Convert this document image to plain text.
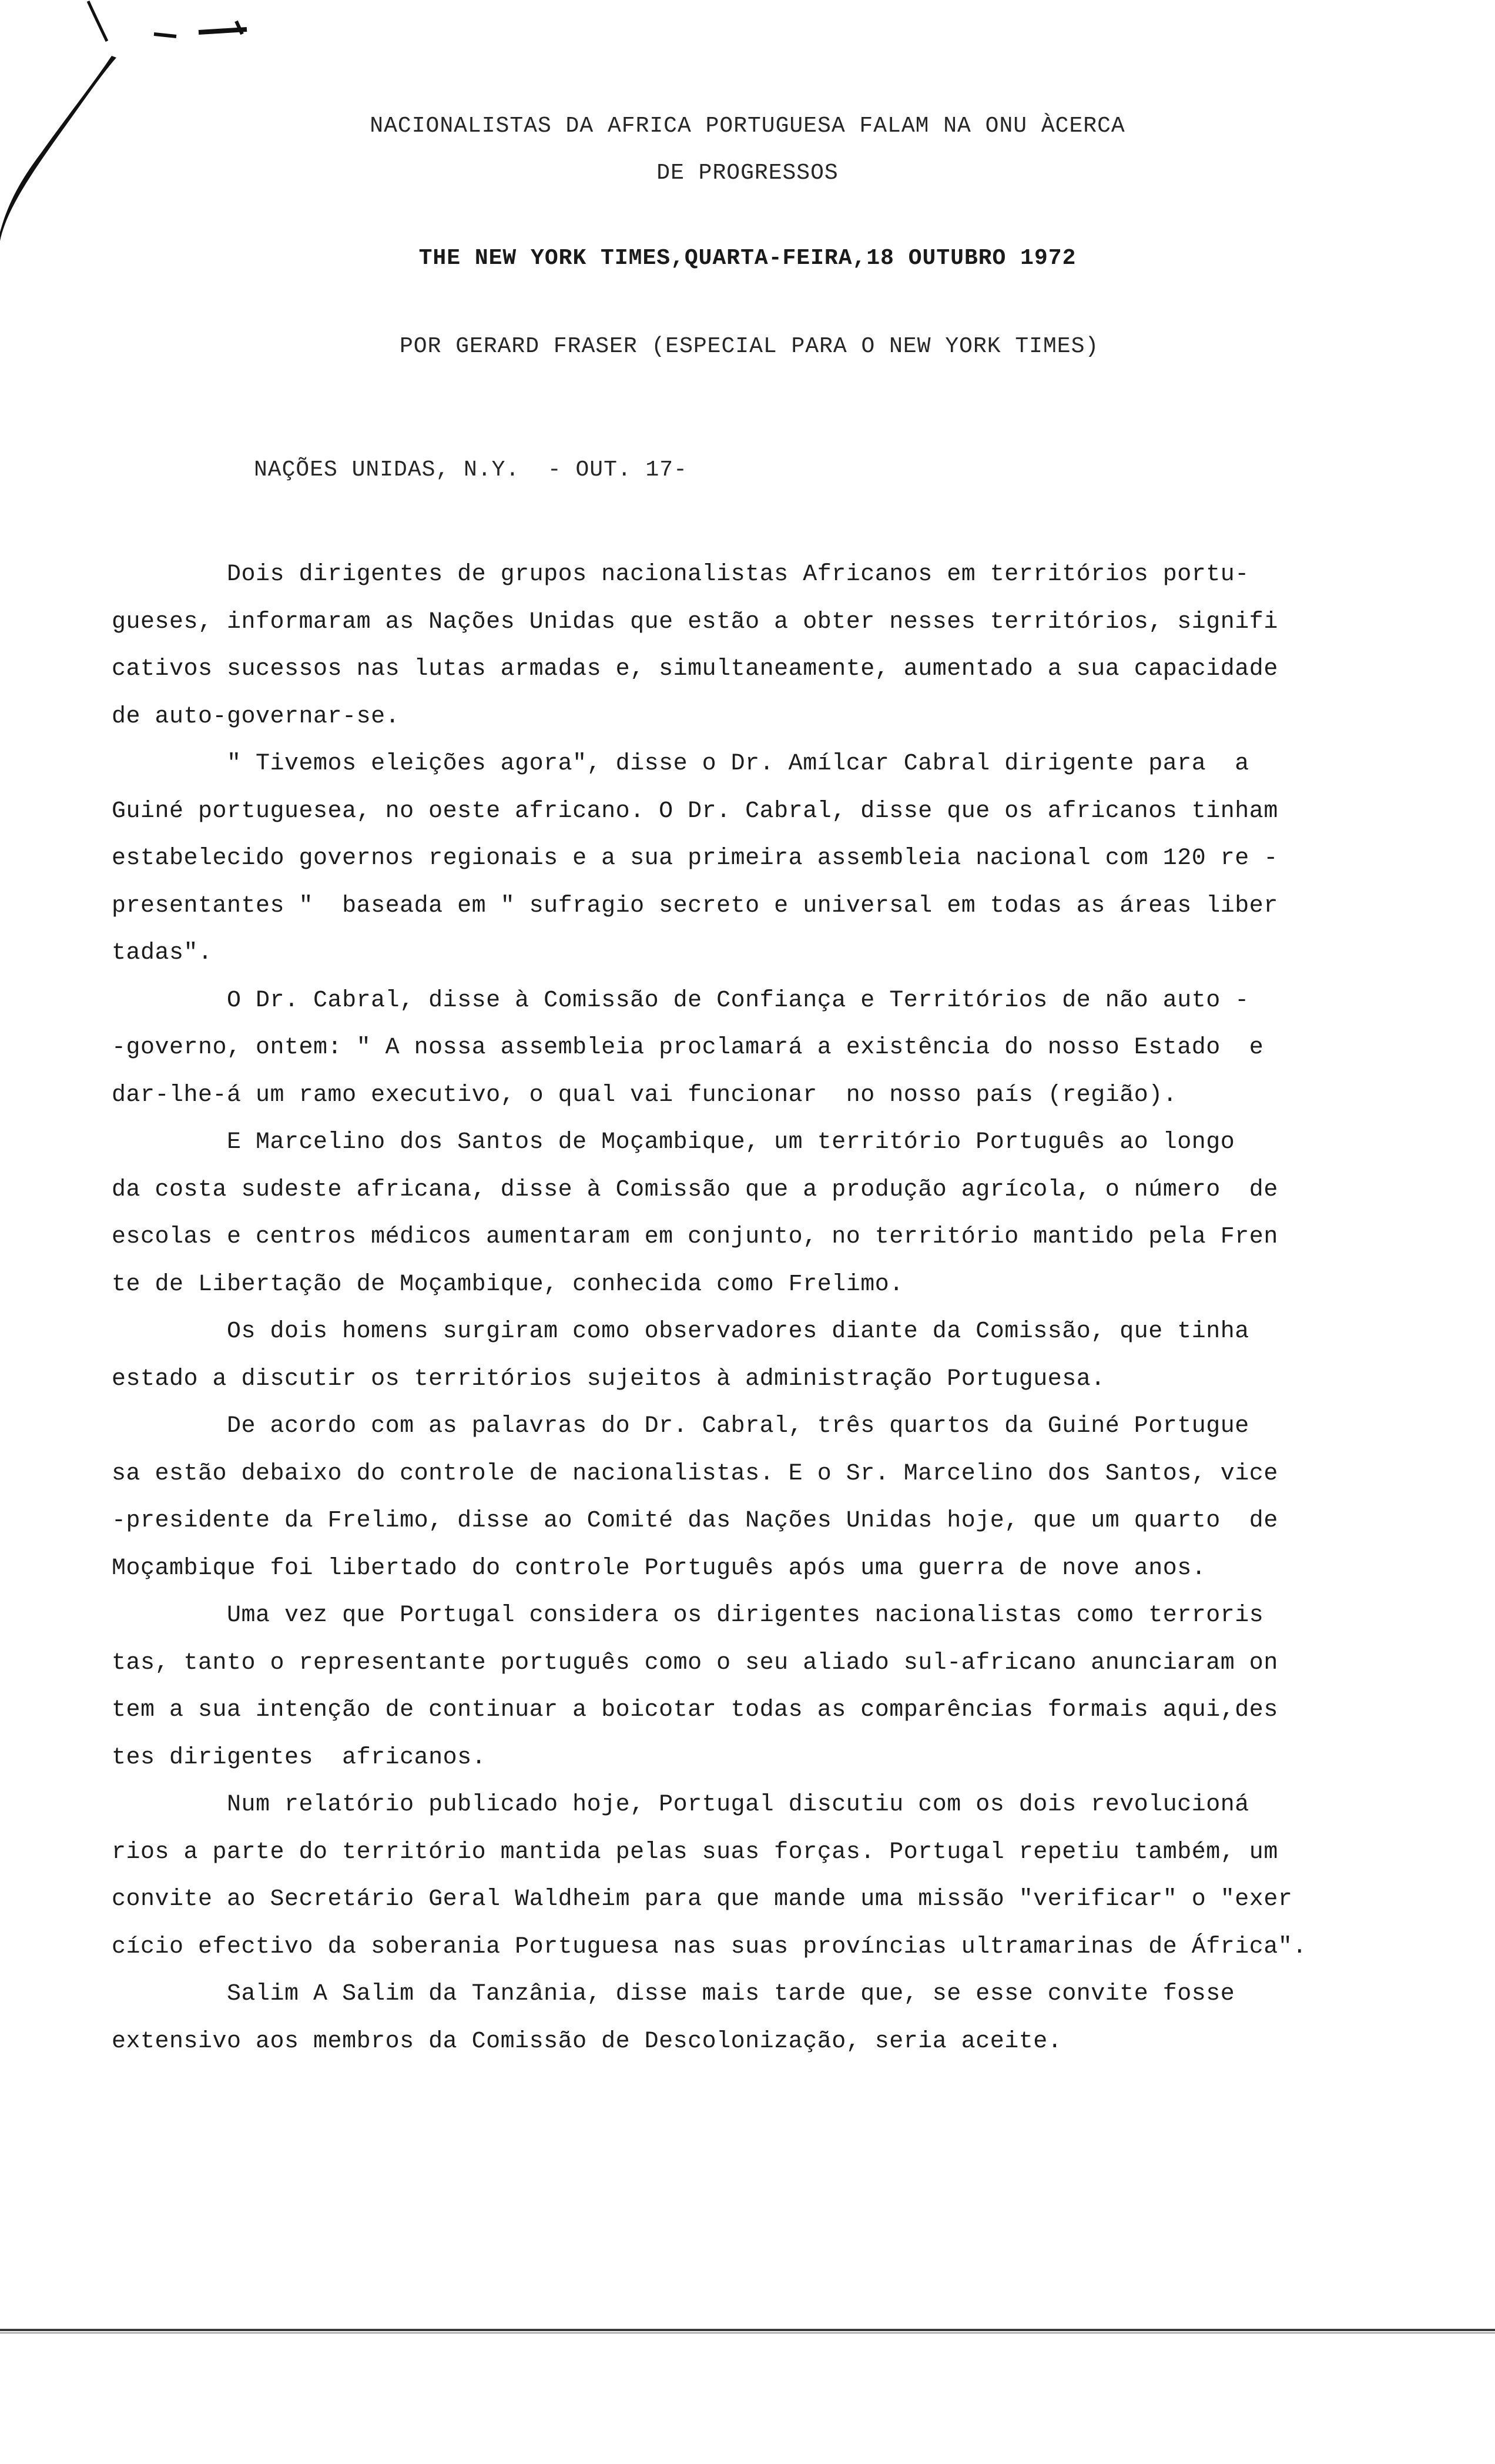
NACIONALISTAS DA AFRICA PORTUGUESA FALAM NA ONU ÀCERCA
DE PROGRESSOS
THE NEW YORK TIMES,QUARTA-FEIRA,18 OUTUBRO 1972
POR GERARD FRASER (ESPECIAL PARA O NEW YORK TIMES)
NAÇÕES UNIDAS, N.Y.  - OUT. 17-
Dois dirigentes de grupos nacionalistas Africanos em territórios portu-
gueses, informaram as Nações Unidas que estão a obter nesses territórios, signifi
cativos sucessos nas lutas armadas e, simultaneamente, aumentado a sua capacidade
de auto-governar-se.
" Tivemos eleições agora", disse o Dr. Amílcar Cabral dirigente para  a
Guiné portuguesea, no oeste africano. O Dr. Cabral, disse que os africanos tinham
estabelecido governos regionais e a sua primeira assembleia nacional com 120 re -
presentantes "  baseada em " sufragio secreto e universal em todas as áreas liber
tadas".
O Dr. Cabral, disse à Comissão de Confiança e Territórios de não auto -
-governo, ontem: " A nossa assembleia proclamará a existência do nosso Estado  e
dar-lhe-á um ramo executivo, o qual vai funcionar  no nosso país (região).
E Marcelino dos Santos de Moçambique, um território Português ao longo
da costa sudeste africana, disse à Comissão que a produção agrícola, o número  de
escolas e centros médicos aumentaram em conjunto, no território mantido pela Fren
te de Libertação de Moçambique, conhecida como Frelimo.
Os dois homens surgiram como observadores diante da Comissão, que tinha
estado a discutir os territórios sujeitos à administração Portuguesa.
De acordo com as palavras do Dr. Cabral, três quartos da Guiné Portugue
sa estão debaixo do controle de nacionalistas. E o Sr. Marcelino dos Santos, vice
-presidente da Frelimo, disse ao Comité das Nações Unidas hoje, que um quarto  de
Moçambique foi libertado do controle Português após uma guerra de nove anos.
Uma vez que Portugal considera os dirigentes nacionalistas como terroris
tas, tanto o representante português como o seu aliado sul-africano anunciaram on
tem a sua intenção de continuar a boicotar todas as comparências formais aqui,des
tes dirigentes  africanos.
Num relatório publicado hoje, Portugal discutiu com os dois revolucioná
rios a parte do território mantida pelas suas forças. Portugal repetiu também, um
convite ao Secretário Geral Waldheim para que mande uma missão "verificar" o "exer
cício efectivo da soberania Portuguesa nas suas províncias ultramarinas de África".
Salim A Salim da Tanzânia, disse mais tarde que, se esse convite fosse
extensivo aos membros da Comissão de Descolonização, seria aceite.
